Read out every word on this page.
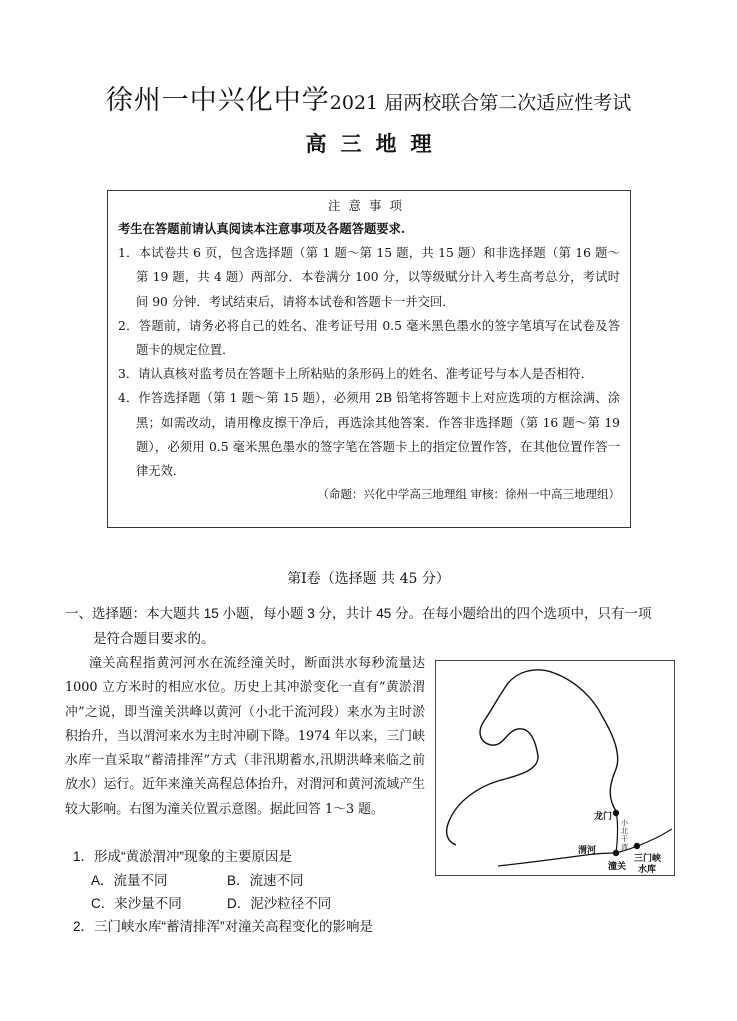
徐州一中兴化中学2021 届两校联合第二次适应性考试
高三地理
注意事项
考生在答题前请认真阅读本注意事项及各题答题要求.
1．本试卷共 6 页，包含选择题（第 1 题～第 15 题，共 15 题）和非选择题（第 16 题～第 19 题，共 4 题）两部分．本卷满分 100 分，以等级赋分计入考生高考总分，考试时间 90 分钟．考试结束后，请将本试卷和答题卡一并交回．
2．答题前，请务必将自己的姓名、准考证号用 0.5 毫米黑色墨水的签字笔填写在试卷及答题卡的规定位置．
3．请认真核对监考员在答题卡上所粘贴的条形码上的姓名、准考证号与本人是否相符．
4．作答选择题（第 1 题～第 15 题），必须用 2B 铅笔将答题卡上对应选项的方框涂满、涂黑；如需改动，请用橡皮擦干净后，再选涂其他答案．作答非选择题（第 16 题～第 19 题），必须用 0.5 毫米黑色墨水的签字笔在答题卡上的指定位置作答，在其他位置作答一律无效．
（命题：兴化中学高三地理组 审核：徐州一中高三地理组）
第Ⅰ卷（选择题 共 45 分）
一、选择题：本大题共 15 小题，每小题 3 分，共计 45 分。在每小题给出的四个选项中，只有一项
是符合题目要求的。

潼关高程指黄河河水在流经潼关时，断面洪水每秒流量达 1000 立方米时的相应水位。历史上其冲淤变化一直有“黄淤渭冲”之说，即当潼关洪峰以黄河（小北干流河段）来水为主时淤积抬升，当以渭河来水为主时冲刷下降。1974 年以来，三门峡水库一直采取“蓄清排浑”方式（非汛期蓄水,汛期洪峰来临之前放水）运行。近年来潼关高程总体抬升，对渭河和黄河流域产生较大影响。右图为潼关位置示意图。据此回答 1～3 题。

龙门
渭河
潼关
三门峡
水库
小
北
干
流
1．形成“黄淤渭冲”现象的主要原因是
A．流量不同	B．流速不同
C．来沙量不同	D．泥沙粒径不同
2．三门峡水库“蓄清排浑”对潼关高程变化的影响是
